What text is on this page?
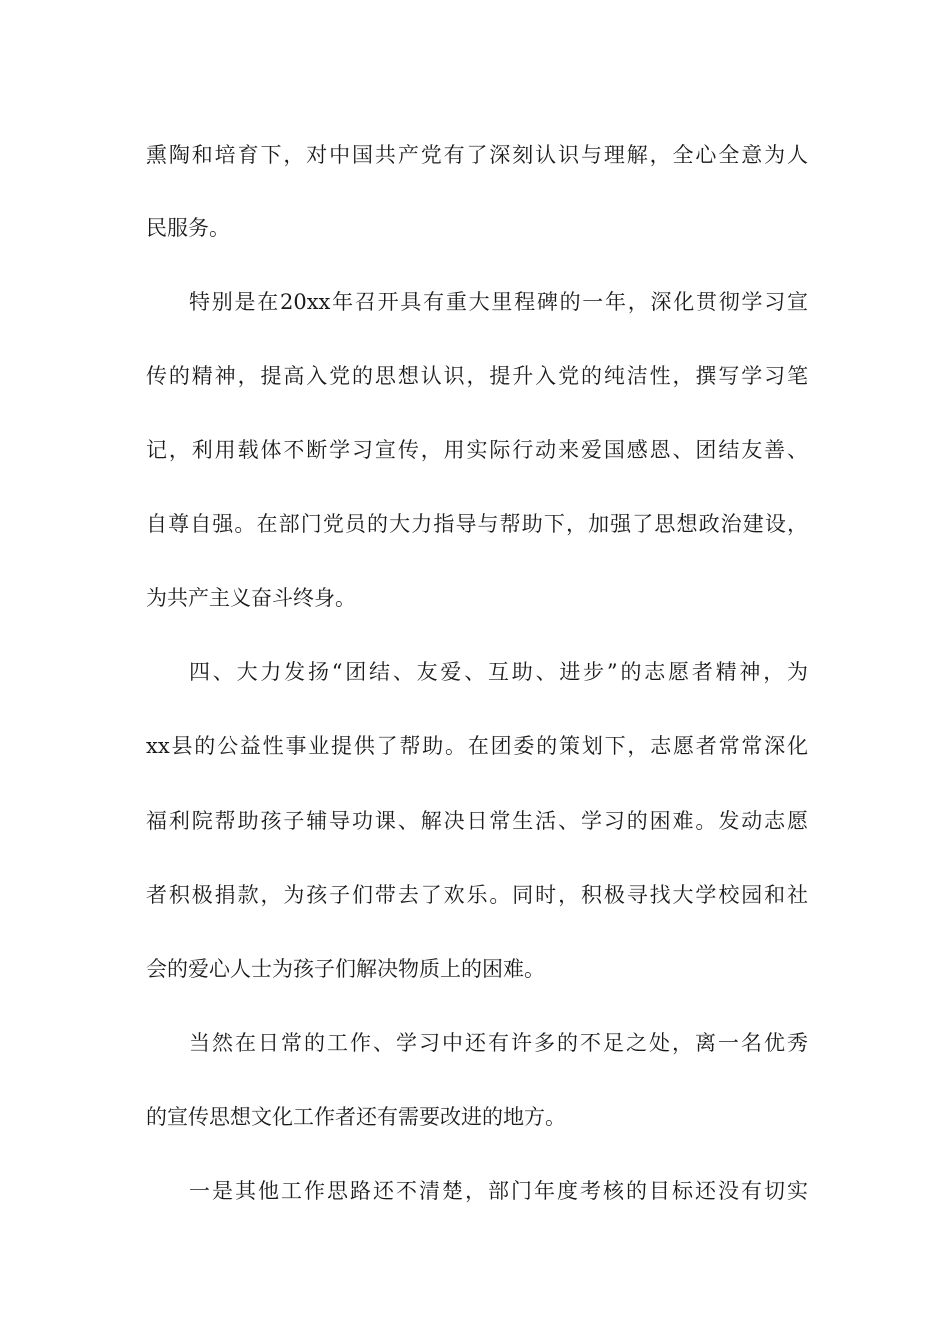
熏陶和培育下，对中国共产党有了深刻认识与理解，全心全意为人
民服务。
特别是在20xx年召开具有重大里程碑的一年，深化贯彻学习宣
传的精神，提高入党的思想认识，提升入党的纯洁性，撰写学习笔
记，利用载体不断学习宣传，用实际行动来爱国感恩、团结友善、
自尊自强。在部门党员的大力指导与帮助下，加强了思想政治建设，
为共产主义奋斗终身。
四、大力发扬“团结、友爱、互助、进步”的志愿者精神，为
xx县的公益性事业提供了帮助。在团委的策划下，志愿者常常深化
福利院帮助孩子辅导功课、解决日常生活、学习的困难。发动志愿
者积极捐款，为孩子们带去了欢乐。同时，积极寻找大学校园和社
会的爱心人士为孩子们解决物质上的困难。
当然在日常的工作、学习中还有许多的不足之处，离一名优秀
的宣传思想文化工作者还有需要改进的地方。
一是其他工作思路还不清楚，部门年度考核的目标还没有切实
